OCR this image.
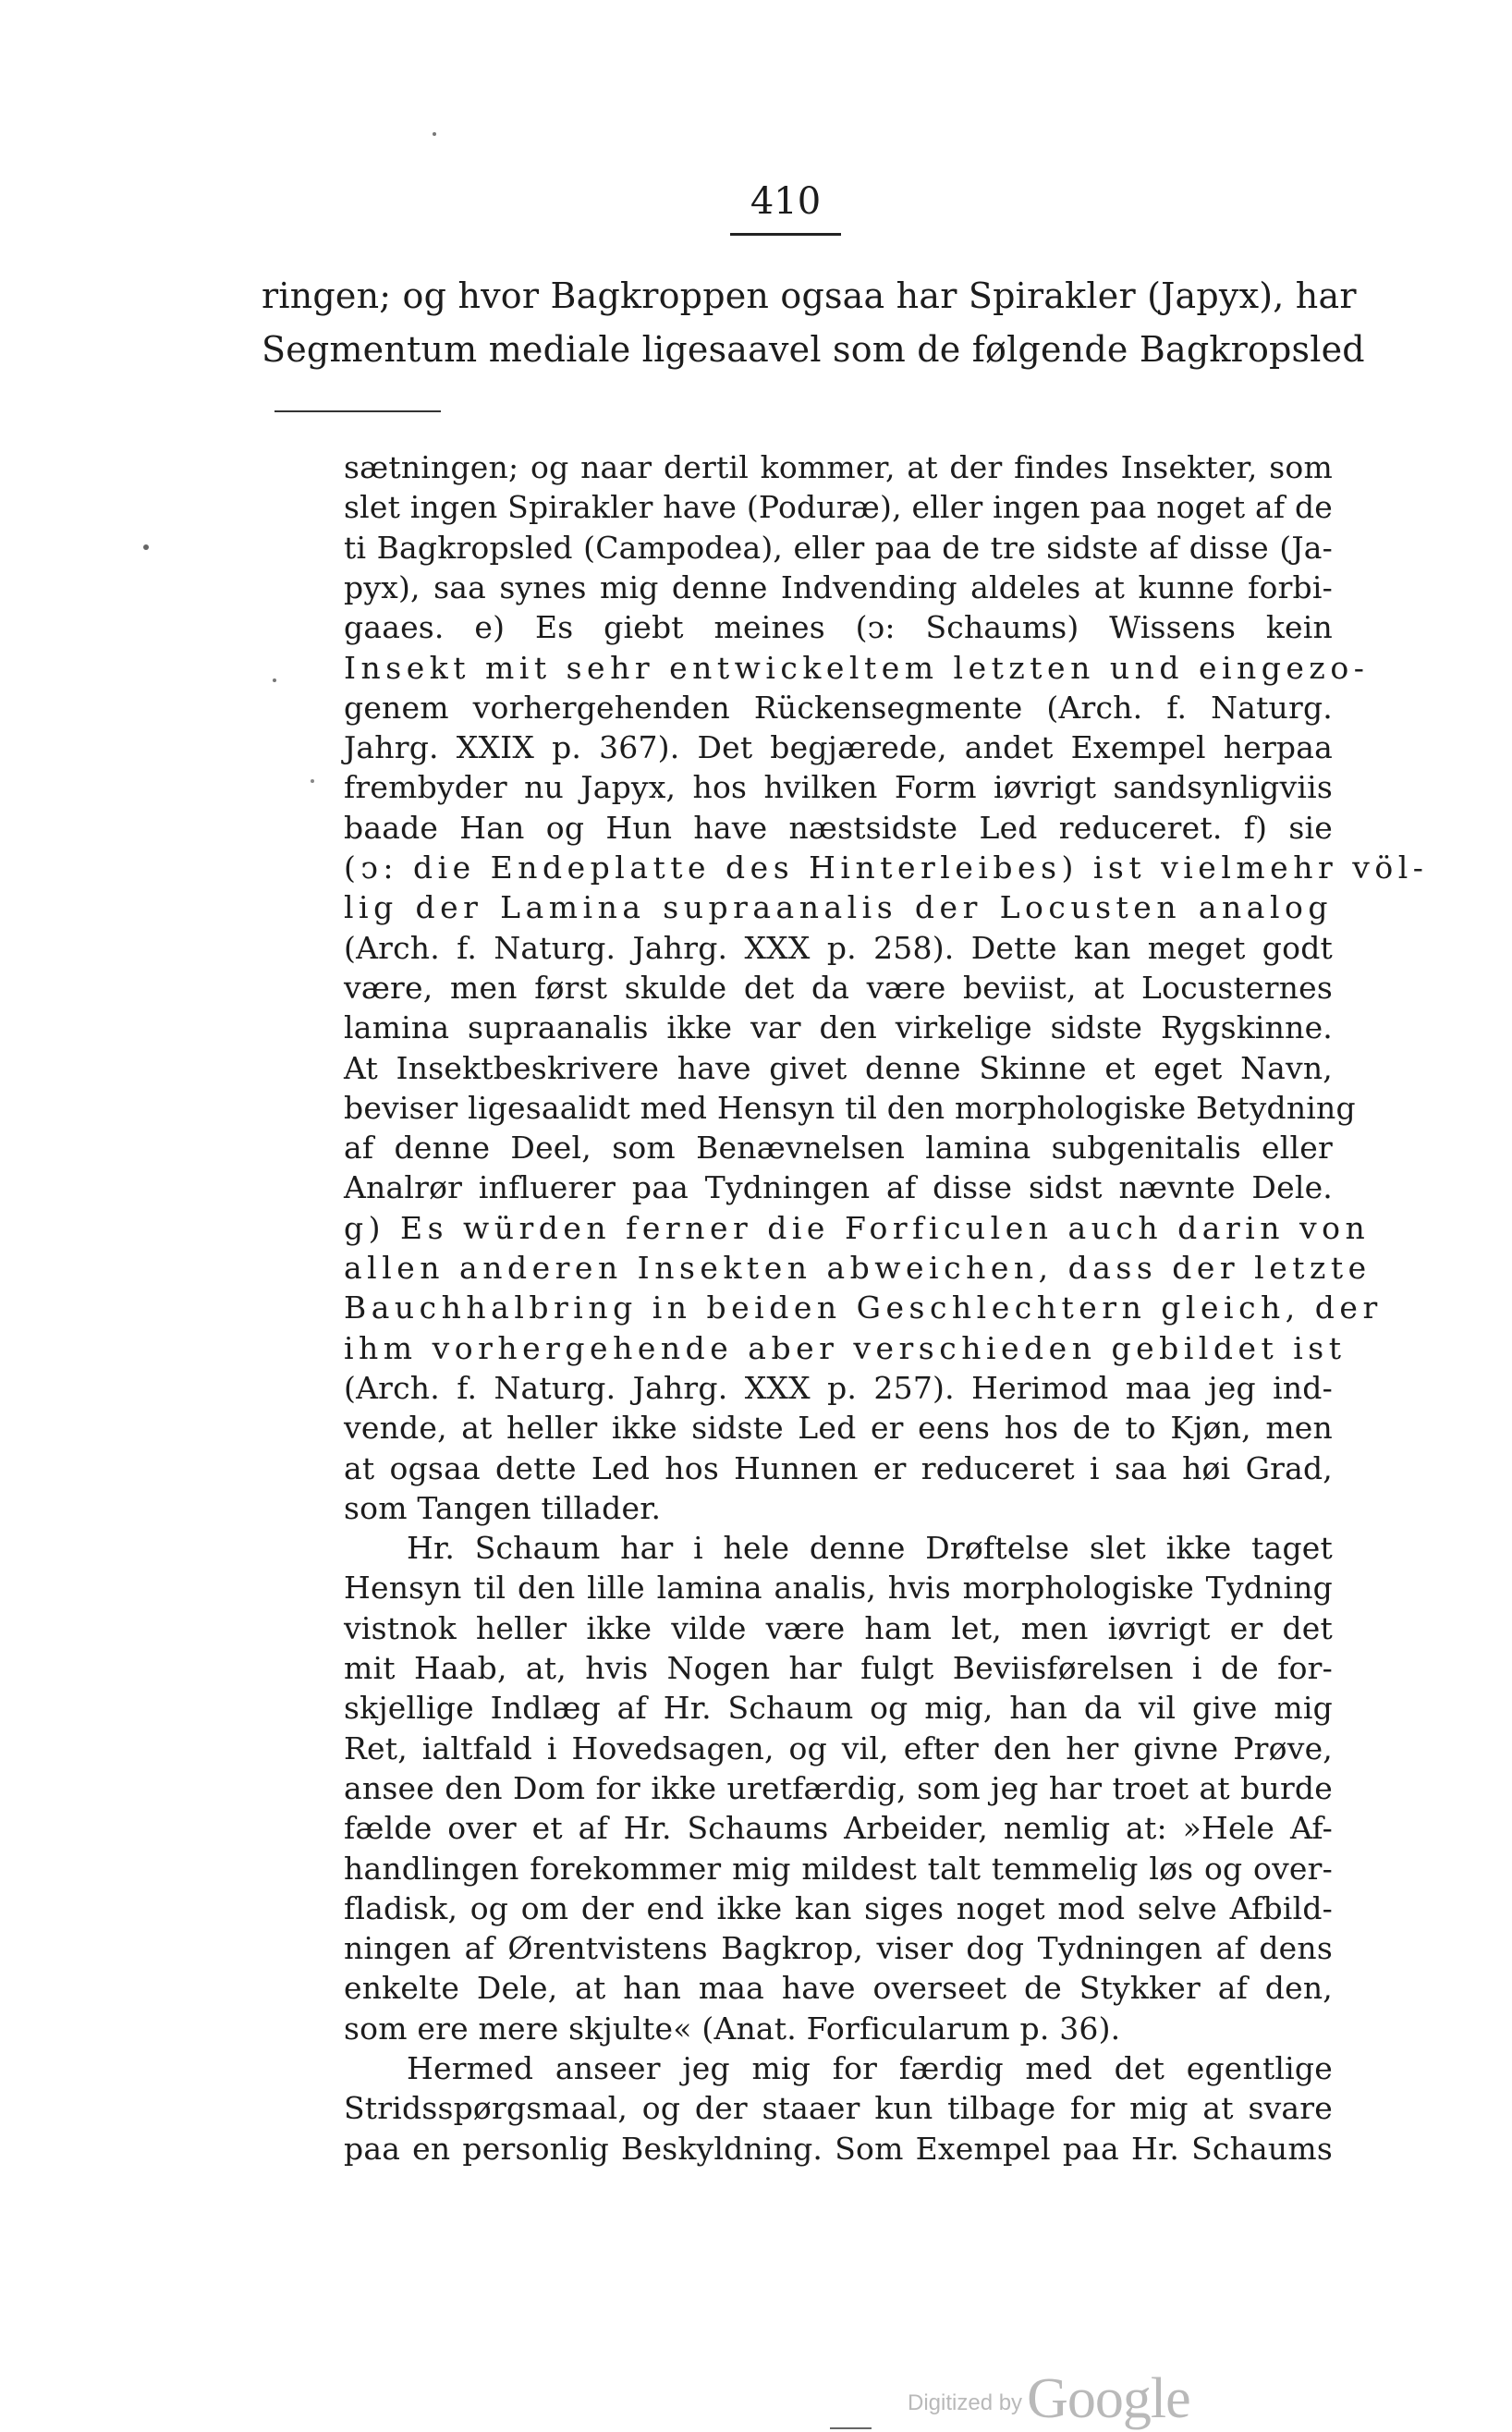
410
ringen; og hvor Bagkroppen ogsaa har Spirakler (Japyx), har
Segmentum mediale ligesaavel som de følgende Bagkropsled
sætningen; og naar dertil kommer, at der findes Insekter, som
slet ingen Spirakler have (Poduræ), eller ingen paa noget af de
ti Bagkropsled (Campodea), eller paa de tre sidste af disse (Ja-
pyx), saa synes mig denne Indvending aldeles at kunne forbi-
gaaes. e) Es giebt meines (ↄ: Schaums) Wissens kein
Insekt mit sehr entwickeltem letzten und eingezo-
genem vorhergehenden Rückensegmente (Arch. f. Naturg.
Jahrg. XXIX p. 367). Det begjærede, andet Exempel herpaa
frembyder nu Japyx, hos hvilken Form iøvrigt sandsynligviis
baade Han og Hun have næstsidste Led reduceret. f) sie
(ↄ: die Endeplatte des Hinterleibes) ist vielmehr völ-
lig der Lamina supraanalis der Locusten analog
(Arch. f. Naturg. Jahrg. XXX p. 258). Dette kan meget godt
være, men først skulde det da være beviist, at Locusternes
lamina supraanalis ikke var den virkelige sidste Rygskinne.
At Insektbeskrivere have givet denne Skinne et eget Navn,
beviser ligesaalidt med Hensyn til den morphologiske Betydning
af denne Deel, som Benævnelsen lamina subgenitalis eller
Analrør influerer paa Tydningen af disse sidst nævnte Dele.
g) Es würden ferner die Forficulen auch darin von
allen anderen Insekten abweichen, dass der letzte
Bauchhalbring in beiden Geschlechtern gleich, der
ihm vorhergehende aber verschieden gebildet ist
(Arch. f. Naturg. Jahrg. XXX p. 257). Herimod maa jeg ind-
vende, at heller ikke sidste Led er eens hos de to Kjøn, men
at ogsaa dette Led hos Hunnen er reduceret i saa høi Grad,
som Tangen tillader.
Hr. Schaum har i hele denne Drøftelse slet ikke taget
Hensyn til den lille lamina analis, hvis morphologiske Tydning
vistnok heller ikke vilde være ham let, men iøvrigt er det
mit Haab, at, hvis Nogen har fulgt Beviisførelsen i de for-
skjellige Indlæg af Hr. Schaum og mig, han da vil give mig
Ret, ialtfald i Hovedsagen, og vil, efter den her givne Prøve,
ansee den Dom for ikke uretfærdig, som jeg har troet at burde
fælde over et af Hr. Schaums Arbeider, nemlig at: »Hele Af-
handlingen forekommer mig mildest talt temmelig løs og over-
fladisk, og om der end ikke kan siges noget mod selve Afbild-
ningen af Ørentvistens Bagkrop, viser dog Tydningen af dens
enkelte Dele, at han maa have overseet de Stykker af den,
som ere mere skjulte« (Anat. Forficularum p. 36).
Hermed anseer jeg mig for færdig med det egentlige
Stridsspørgsmaal, og der staaer kun tilbage for mig at svare
paa en personlig Beskyldning. Som Exempel paa Hr. Schaums
Digitized by Google
